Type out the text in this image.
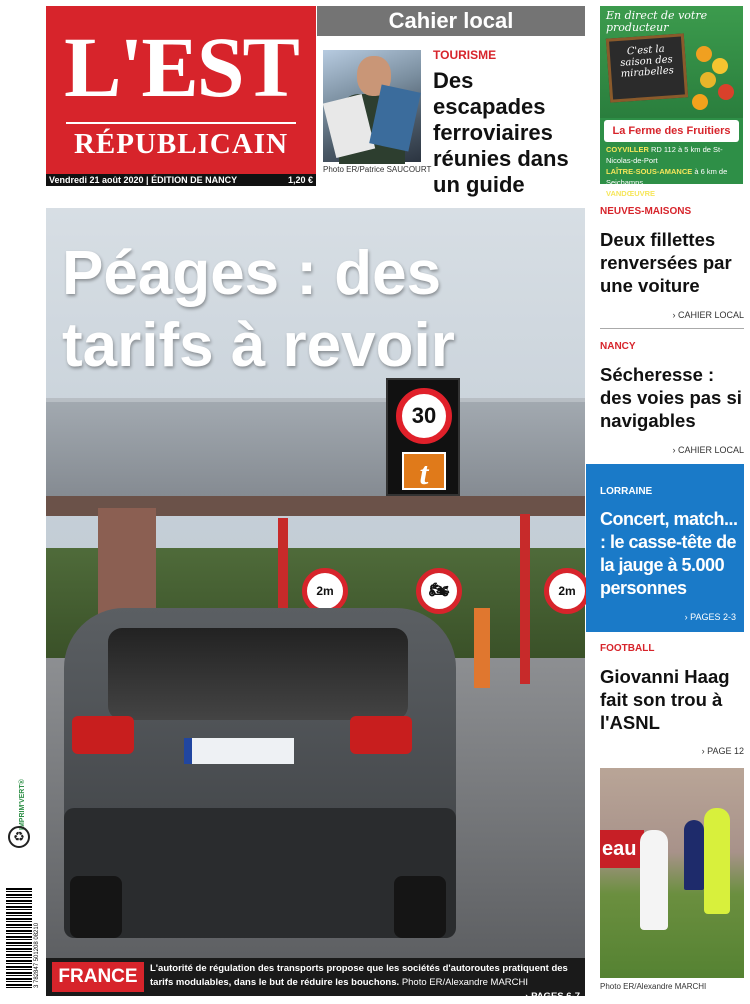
L'EST
RÉPUBLICAIN
Vendredi 21 août 2020 | ÉDITION DE NANCY	1,20 €
Cahier local
Photo ER/Patrice SAUCOURT
TOURISME
Des escapades ferroviaires réunies dans un guide
En direct de votre producteur
C'est la saison des mirabelles
La Ferme des Fruitiers
COYVILLER RD 112 à 5 km de St-Nicolas-de-Port
LAÎTRE-SOUS-AMANCE à 6 km de Seichamps
VANDŒUVRE ZAC Roberval
30
t
2m	🏍	2m
Péages : des tarifs à revoir
FRANCE	L'autorité de régulation des transports propose que les sociétés d'autoroutes pratiquent des tarifs modulables, dans le but de réduire les bouchons. Photo ER/Alexandre MARCHI
› PAGES 6-7
NEUVES-MAISONS
Deux fillettes renversées par une voiture
› CAHIER LOCAL
NANCY
Sécheresse : des voies pas si navigables
› CAHIER LOCAL
LORRAINE
Concert, match... : le casse-tête de la jauge à 5.000 personnes
› PAGES 2-3
FOOTBALL
Giovanni Haag fait son trou à l'ASNL
› PAGE 12
eau
Photo ER/Alexandre MARCHI
IMPRIM'VERT®
♻
3 782847 501208 08210
